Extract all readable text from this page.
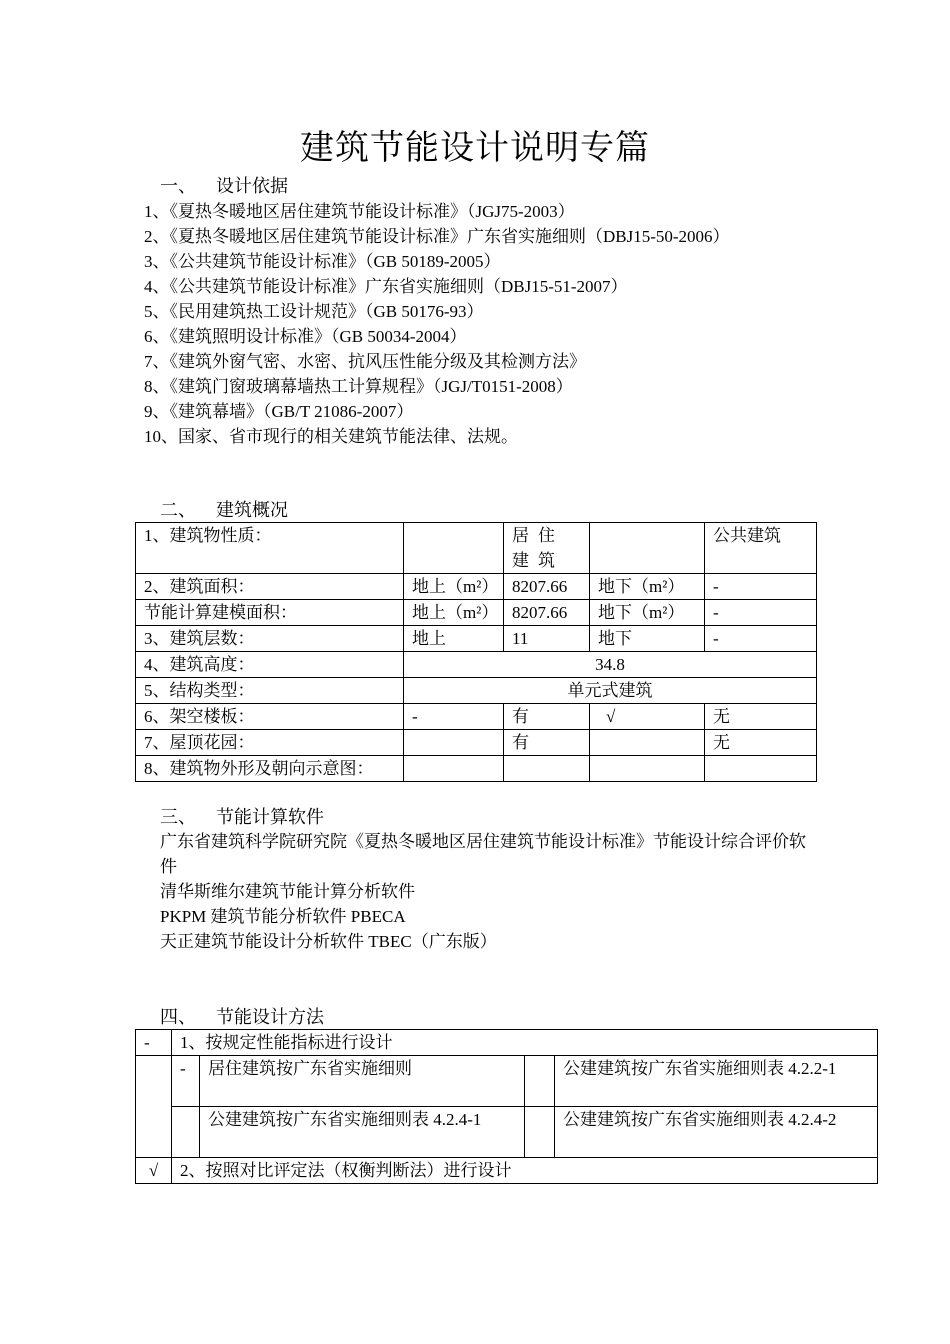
建筑节能设计说明专篇
一、 设计依据
1、《夏热冬暖地区居住建筑节能设计标准》（JGJ75-2003）
2、《夏热冬暖地区居住建筑节能设计标准》广东省实施细则（DBJ15-50-2006）
3、《公共建筑节能设计标准》（GB 50189-2005）
4、《公共建筑节能设计标准》广东省实施细则（DBJ15-51-2007）
5、《民用建筑热工设计规范》（GB 50176-93）
6、《建筑照明设计标准》（GB 50034-2004）
7、《建筑外窗气密、水密、抗风压性能分级及其检测方法》
8、《建筑门窗玻璃幕墙热工计算规程》（JGJ/T0151-2008）
9、《建筑幕墙》（GB/T 21086-2007）
10、国家、省市现行的相关建筑节能法律、法规。
二、 建筑概况
1、建筑物性质：		居住建筑		公共建筑
2、建筑面积：	地上（m²）	8207.66	地下（m²）	-
节能计算建模面积：	地上（m²）	8207.66	地下（m²）	-
3、建筑层数：	地上	11	地下	-
4、建筑高度：	34.8			
5、结构类型：	单元式建筑			
6、架空楼板：	-	有	√	无
7、屋顶花园：		有		无
8、建筑物外形及朝向示意图：				
三、 节能计算软件
广东省建筑科学院研究院《夏热冬暖地区居住建筑节能设计标准》节能设计综合评价软件
清华斯维尔建筑节能计算分析软件
PKPM 建筑节能分析软件 PBECA
天正建筑节能设计分析软件 TBEC（广东版）
四、 节能设计方法
-	1、按规定性能指标进行设计			
	-	居住建筑按广东省实施细则		公建建筑按广东省实施细则表 4.2.2-1
		公建建筑按广东省实施细则表 4.2.4-1		公建建筑按广东省实施细则表 4.2.4-2
√	2、按照对比评定法（权衡判断法）进行设计			
